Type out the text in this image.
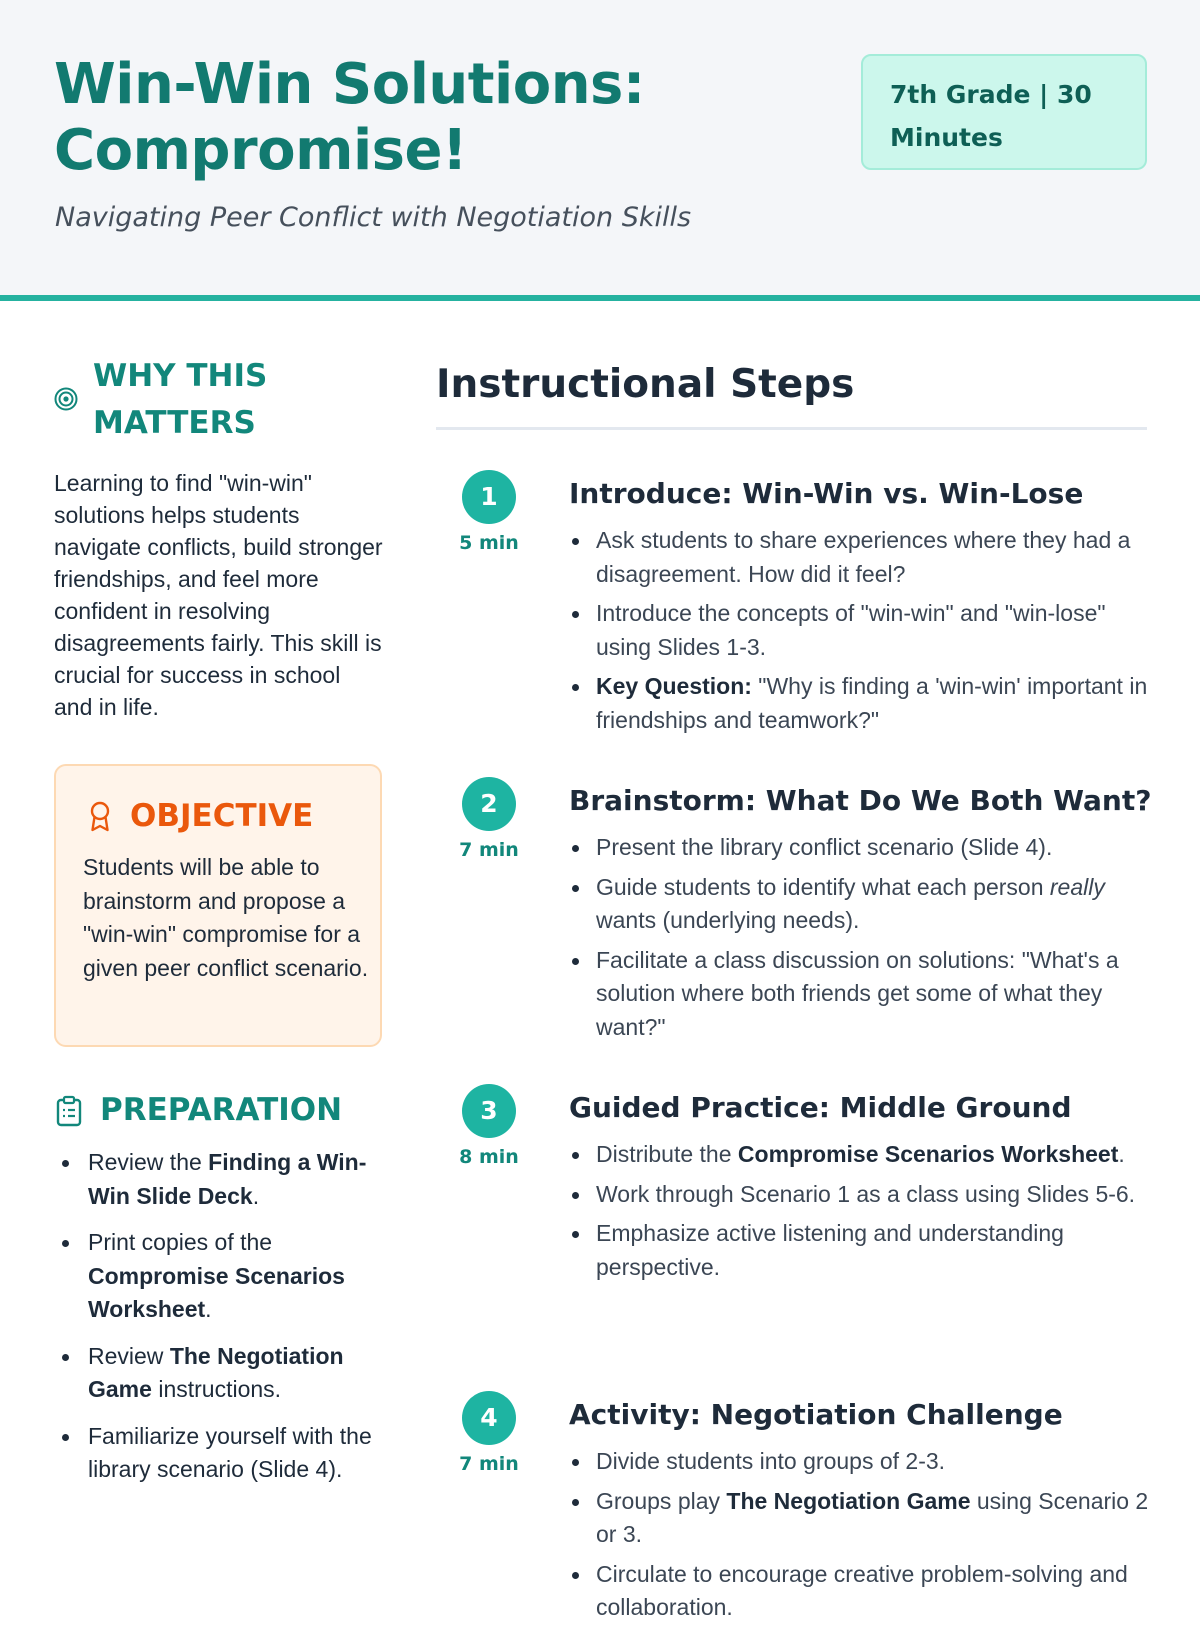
Win-Win Solutions:
Compromise!
Navigating Peer Conflict with Negotiation Skills
7th Grade | 30
Minutes
WHY THIS
MATTERS

Learning to find "win-win" solutions helps students navigate conflicts, build stronger friendships, and feel more confident in resolving disagreements fairly. This skill is crucial for success in school and in life.

OBJECTIVE

Students will be able to brainstorm and propose a "win-win" compromise for a given peer conflict scenario.

PREPARATION
Review the Finding a Win-Win Slide Deck.
Print copies of the Compromise Scenarios Worksheet.
Review The Negotiation Game instructions.
Familiarize yourself with the library scenario (Slide 4).
Instructional Steps
1
5 min
Introduce: Win-Win vs. Win-Lose
Ask students to share experiences where they had a disagreement. How did it feel?
Introduce the concepts of "win-win" and "win-lose" using Slides 1-3.
Key Question: "Why is finding a 'win-win' important in friendships and teamwork?"
2
7 min
Brainstorm: What Do We Both Want?
Present the library conflict scenario (Slide 4).
Guide students to identify what each person really wants (underlying needs).
Facilitate a class discussion on solutions: "What's a solution where both friends get some of what they want?"
3
8 min
Guided Practice: Middle Ground
Distribute the Compromise Scenarios Worksheet.
Work through Scenario 1 as a class using Slides 5-6.
Emphasize active listening and understanding perspective.
4
7 min
Activity: Negotiation Challenge
Divide students into groups of 2-3.
Groups play The Negotiation Game using Scenario 2 or 3.
Circulate to encourage creative problem-solving and collaboration.
